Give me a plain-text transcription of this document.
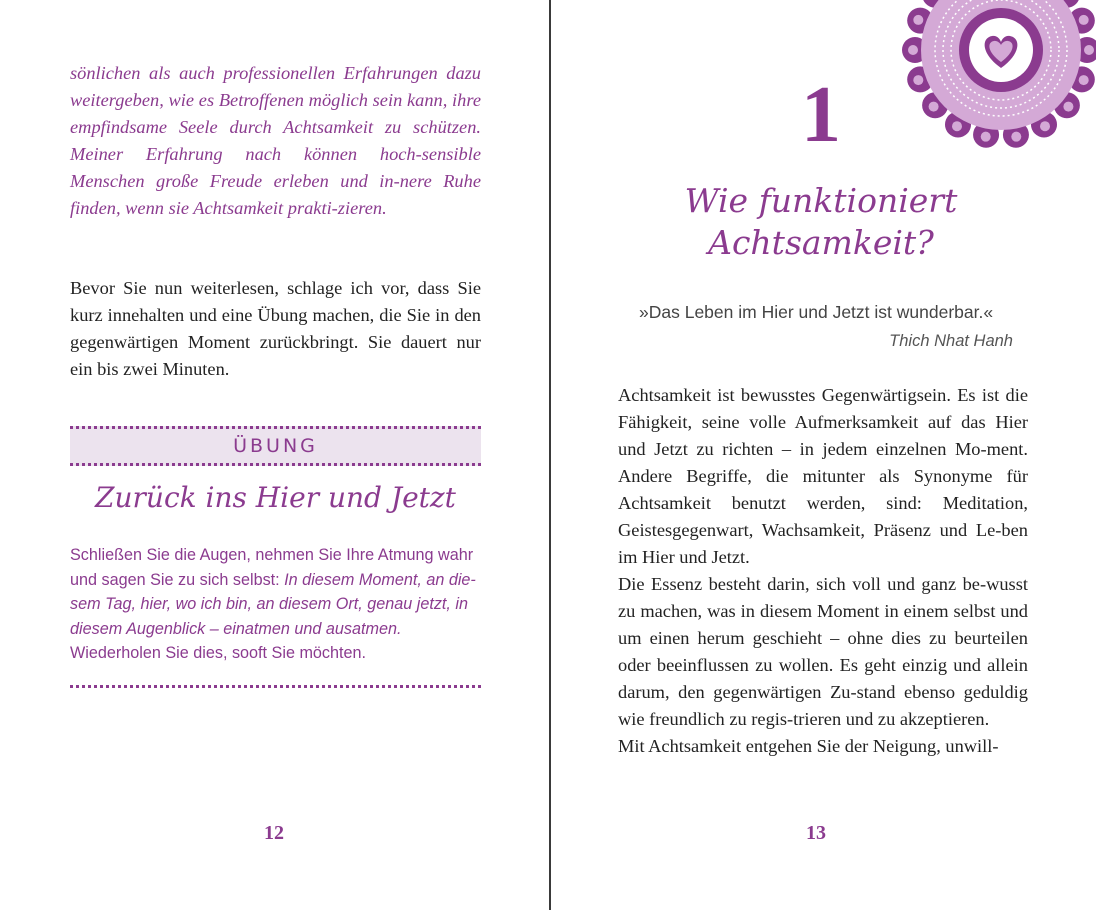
sönlichen als auch professionellen Erfahrungen dazu weitergeben, wie es Betroffenen möglich sein kann, ihre empfindsame Seele durch Achtsamkeit zu schützen. Meiner Erfahrung nach können hoch-sensible Menschen große Freude erleben und in-nere Ruhe finden, wenn sie Achtsamkeit prakti-zieren.

Bevor Sie nun weiterlesen, schlage ich vor, dass Sie kurz innehalten und eine Übung machen, die Sie in den gegenwärtigen Moment zurückbringt. Sie dauert nur ein bis zwei Minuten.

ÜBUNG
Zurück ins Hier und Jetzt

Schließen Sie die Augen, nehmen Sie Ihre Atmung wahr und sagen Sie zu sich selbst: In diesem Moment, an die-sem Tag, hier, wo ich bin, an diesem Ort, genau jetzt, in diesem Augenblick – einatmen und ausatmen.
Wiederholen Sie dies, sooft Sie möchten.

12
1
Wie funktioniert
Achtsamkeit?

»Das Leben im Hier und Jetzt ist wunderbar.«

Thich Nhat Hanh

Achtsamkeit ist bewusstes Gegenwärtigsein. Es ist die Fähigkeit, seine volle Aufmerksamkeit auf das Hier und Jetzt zu richten – in jedem einzelnen Mo-ment. Andere Begriffe, die mitunter als Synonyme für Achtsamkeit benutzt werden, sind: Meditation, Geistesgegenwart, Wachsamkeit, Präsenz und Le-ben im Hier und Jetzt.

Die Essenz besteht darin, sich voll und ganz be-wusst zu machen, was in diesem Moment in einem selbst und um einen herum geschieht – ohne dies zu beurteilen oder beeinflussen zu wollen. Es geht einzig und allein darum, den gegenwärtigen Zu-stand ebenso geduldig wie freundlich zu regis-trieren und zu akzeptieren.

Mit Achtsamkeit entgehen Sie der Neigung, unwill-

13
